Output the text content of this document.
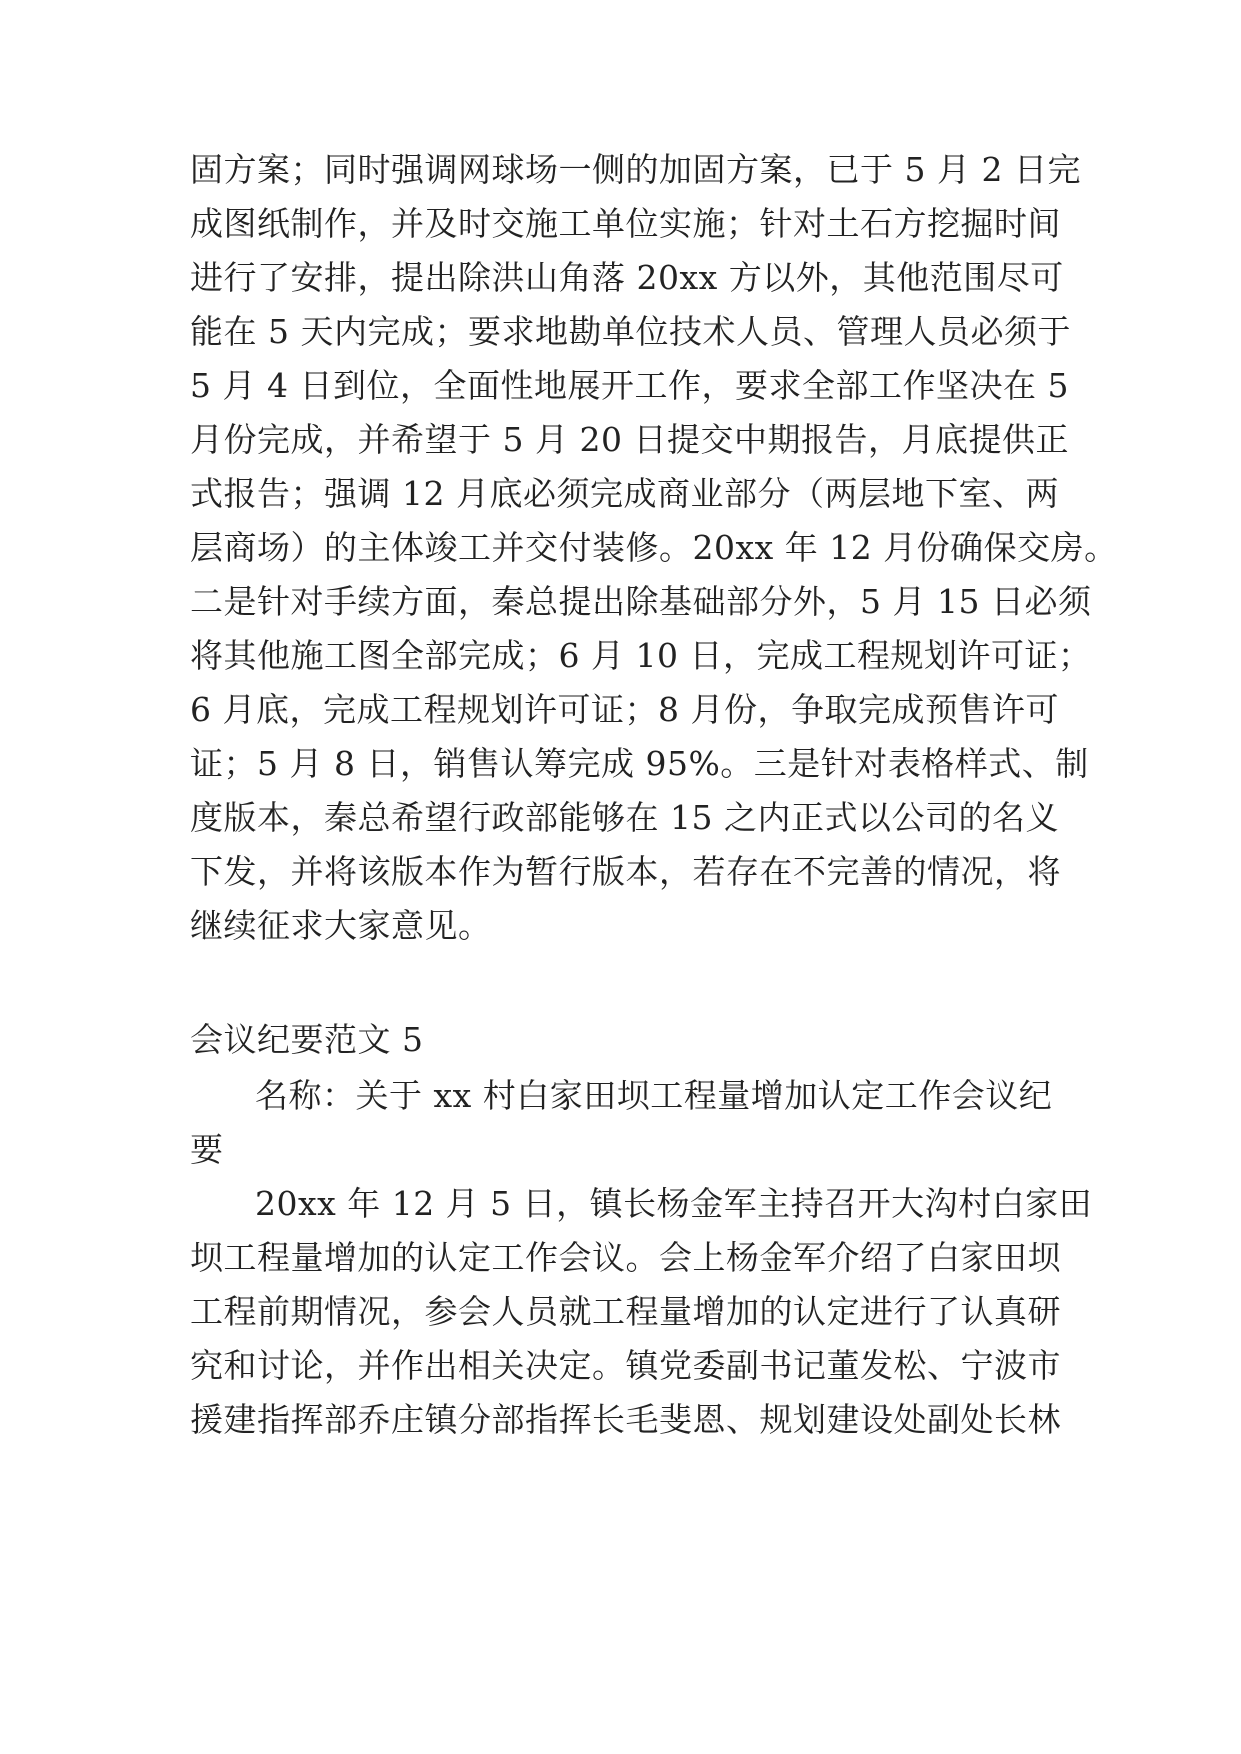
固方案；同时强调网球场一侧的加固方案，已于 5 月 2 日完
成图纸制作，并及时交施工单位实施；针对土石方挖掘时间
进行了安排，提出除洪山角落 20xx 方以外，其他范围尽可
能在 5 天内完成；要求地勘单位技术人员、管理人员必须于
5 月 4 日到位，全面性地展开工作，要求全部工作坚决在 5
月份完成，并希望于 5 月 20 日提交中期报告，月底提供正
式报告；强调 12 月底必须完成商业部分（两层地下室、两
层商场）的主体竣工并交付装修。20xx 年 12 月份确保交房。
二是针对手续方面，秦总提出除基础部分外，5 月 15 日必须
将其他施工图全部完成；6 月 10 日，完成工程规划许可证；
6 月底，完成工程规划许可证；8 月份，争取完成预售许可
证；5 月 8 日，销售认筹完成 95%。三是针对表格样式、制
度版本，秦总希望行政部能够在 15 之内正式以公司的名义
下发，并将该版本作为暂行版本，若存在不完善的情况，将
继续征求大家意见。
会议纪要范文 5
名称：关于 xx 村白家田坝工程量增加认定工作会议纪
要
20xx 年 12 月 5 日，镇长杨金军主持召开大沟村白家田
坝工程量增加的认定工作会议。会上杨金军介绍了白家田坝
工程前期情况，参会人员就工程量增加的认定进行了认真研
究和讨论，并作出相关决定。镇党委副书记董发松、宁波市
援建指挥部乔庄镇分部指挥长毛斐恩、规划建设处副处长林
